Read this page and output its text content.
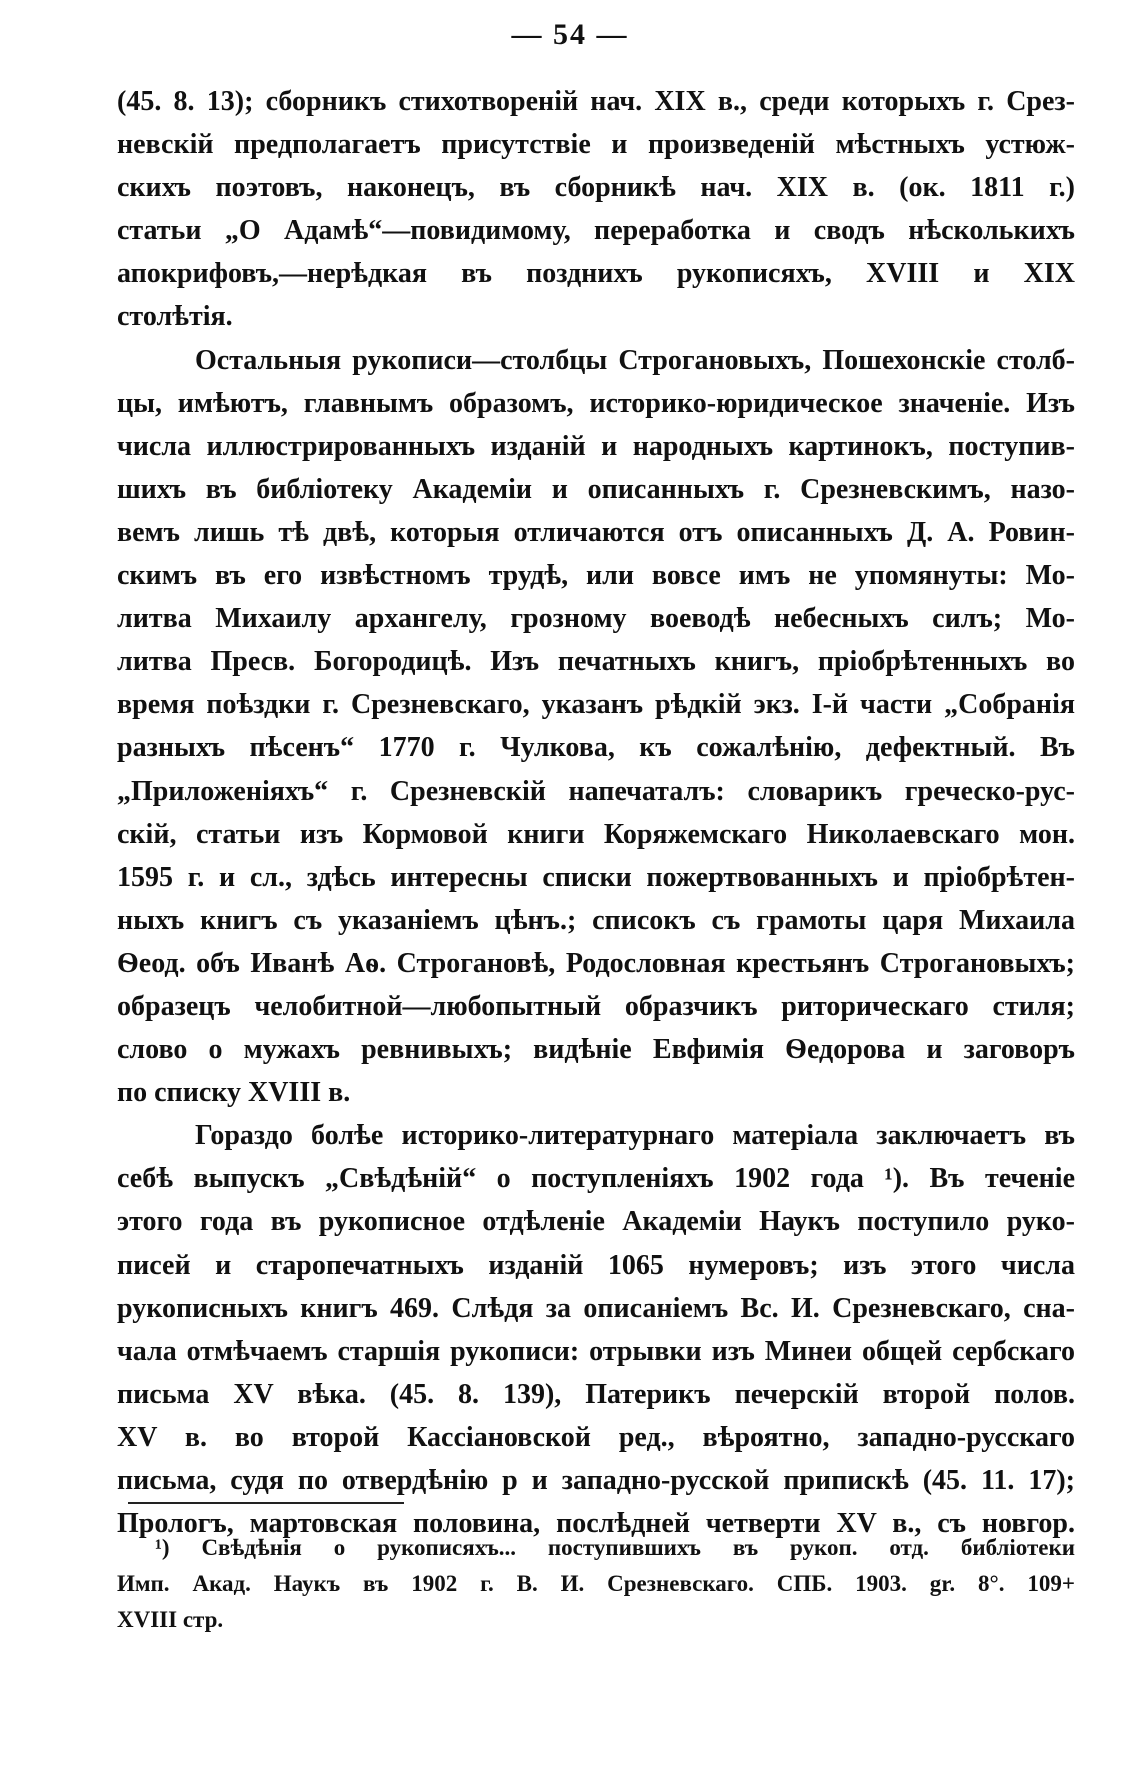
— 54 —
(45. 8. 13); сборникъ стихотворенiй нач. XIX в., среди которыхъ г. Срез-
невскiй предполагаетъ присутствiе и произведенiй мѣстныхъ устюж-
скихъ поэтовъ, наконецъ, въ сборникѣ нач. XIX в. (ок. 1811 г.)
статьи „О Адамѣ“—повидимому, переработка и сводъ нѣсколькихъ
апокрифовъ,—нерѣдкая въ позднихъ рукописяхъ, XVIII и XIX
столѣтiя.
Остальныя рукописи—столбцы Строгановыхъ, Пошехонскiе столб-
цы, имѣютъ, главнымъ образомъ, историко-юридическое значенiе. Изъ
числа иллюстрированныхъ изданiй и народныхъ картинокъ, поступив-
шихъ въ библiотеку Академiи и описанныхъ г. Срезневскимъ, назо-
вемъ лишь тѣ двѣ, которыя отличаются отъ описанныхъ Д. А. Ровин-
скимъ въ его извѣстномъ трудѣ, или вовсе имъ не упомянуты: Мо-
литва Михаилу архангелу, грозному воеводѣ небесныхъ силъ; Мо-
литва Пресв. Богородицѣ. Изъ печатныхъ книгъ, прiобрѣтенныхъ во
время поѣздки г. Срезневскаго, указанъ рѣдкiй экз. I-й части „Собранiя
разныхъ пѣсенъ“ 1770 г. Чулкова, къ сожалѣнiю, дефектный. Въ
„Приложенiяхъ“ г. Срезневскiй напечаталъ: словарикъ греческо-рус-
скiй, статьи изъ Кормовой книги Коряжемскаго Николаевскаго мон.
1595 г. и сл., здѣсь интересны списки пожертвованныхъ и прiобрѣтен-
ныхъ книгъ съ указанiемъ цѣнъ.; списокъ съ грамоты царя Михаила
Ѳеод. объ Иванѣ Аѳ. Строгановѣ, Родословная крестьянъ Строгановыхъ;
образецъ челобитной—любопытный образчикъ риторическаго стиля;
слово о мужахъ ревнивыхъ; видѣнiе Евфимiя Ѳедорова и заговоръ
по списку XVIII в.
Гораздо болѣе историко-литературнаго матерiала заключаетъ въ
себѣ выпускъ „Свѣдѣнiй“ о поступленiяхъ 1902 года ¹). Въ теченiе
этого года въ рукописное отдѣленiе Академiи Наукъ поступило руко-
писей и старопечатныхъ изданiй 1065 нумеровъ; изъ этого числа
рукописныхъ книгъ 469. Слѣдя за описанiемъ Вс. И. Срезневскаго, сна-
чала отмѣчаемъ старшiя рукописи: отрывки изъ Минеи общей сербскаго
письма XV вѣка. (45. 8. 139), Патерикъ печерскiй второй полов.
XV в. во второй Кассiановской ред., вѣроятно, западно-русскаго
письма, судя по отвердѣнiю р и западно-русской припискѣ (45. 11. 17);
Прологъ, мартовская половина, послѣдней четверти XV в., съ новгор.
¹) Свѣдѣнiя о рукописяхъ... поступившихъ въ рукоп. отд. библiотеки
Имп. Акад. Наукъ въ 1902 г. В. И. Срезневскаго. СПБ. 1903. gr. 8°. 109+
XVIII стр.
